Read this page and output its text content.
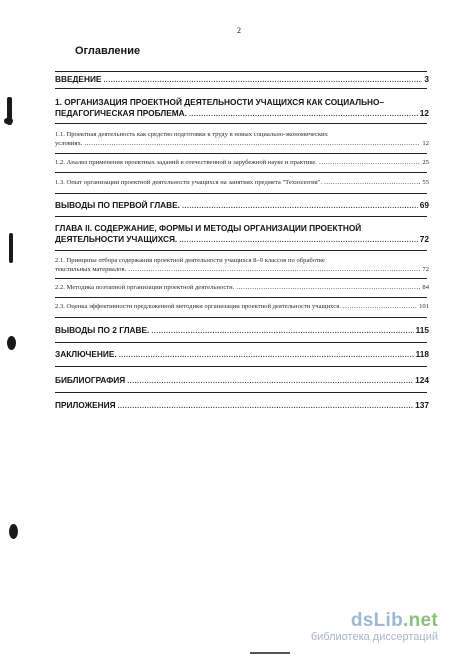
2
Оглавление
ВВЕДЕНИЕ .....	3
1. ОРГАНИЗАЦИЯ ПРОЕКТНОЙ ДЕЯТЕЛЬНОСТИ УЧАЩИХСЯ КАК СОЦИАЛЬНО–
ПЕДАГОГИЧЕСКАЯ ПРОБЛЕМА. .....	12
1.1. Проектная деятельность как средство подготовки к труду в новых социально-экономических
условиях. .....	12
1.2. Анализ применения проектных заданий в отечественной и зарубежной науке и практике. .....	25
1.3. Опыт организации проектной деятельности учащихся на занятиях предмета "Технология". .....	55
ВЫВОДЫ ПО ПЕРВОЙ ГЛАВЕ. .....	69
ГЛАВА II. СОДЕРЖАНИЕ, ФОРМЫ И МЕТОДЫ ОРГАНИЗАЦИИ ПРОЕКТНОЙ
ДЕЯТЕЛЬНОСТИ УЧАЩИХСЯ. .....	72
2.1. Принципы отбора содержания проектной деятельности учащихся 8–9 классов по обработке
текстильных материалов. .....	72
2.2. Методика поэтапной организации проектной деятельности. .....	84
2.3. Оценка эффективности предложенной методики организации проектной деятельности учащихся. .....	101
ВЫВОДЫ ПО 2 ГЛАВЕ. .....	115
ЗАКЛЮЧЕНИЕ. .....	118
БИБЛИОГРАФИЯ .....	124
ПРИЛОЖЕНИЯ .....	137
dsLib.net
библиотека диссертаций
